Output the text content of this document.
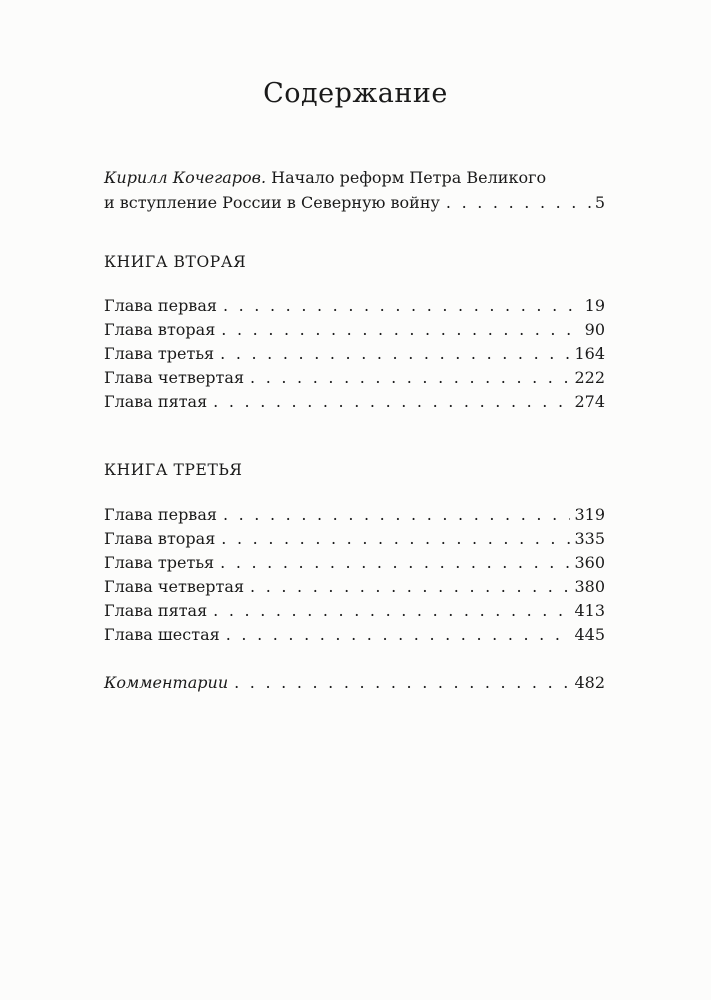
Содержание
Кирилл Кочегаров.
Начало реформ Петра Великого
и вступление России в Северную войну . . .	5
КНИГА ВТОРАЯ
Глава первая . . .	19
Глава вторая . . .	90
Глава третья . . .	164
Глава четвертая . . .	222
Глава пятая . . .	274
КНИГА ТРЕТЬЯ
Глава первая . . .	319
Глава вторая . . .	335
Глава третья . . .	360
Глава четвертая . . .	380
Глава пятая . . .	413
Глава шестая . . .	445
Комментарии . . .	482
